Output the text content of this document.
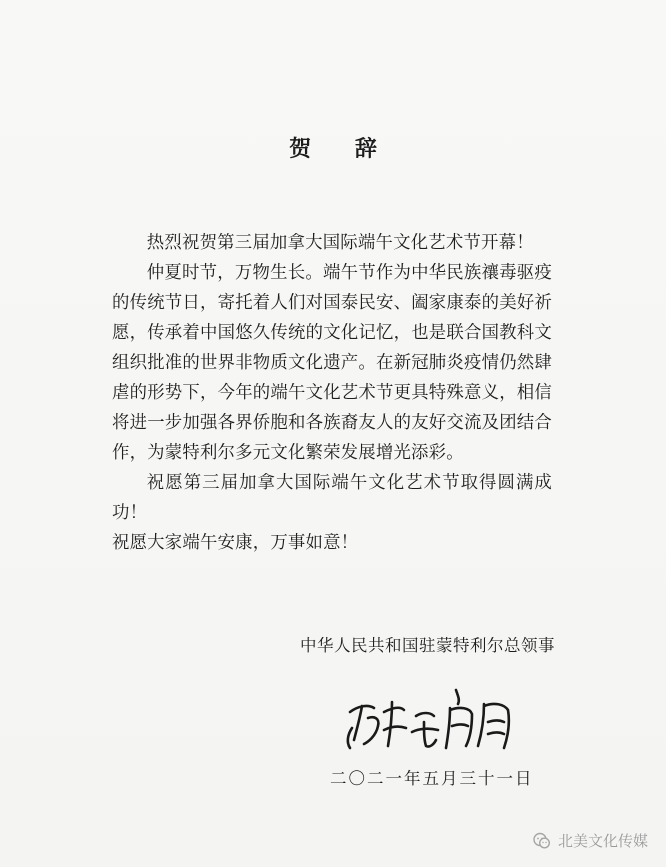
贺 辞

热烈祝贺第三届加拿大国际端午文化艺术节开幕！

仲夏时节，万物生长。端午节作为中华民族禳毒驱疫的传统节日，寄托着人们对国泰民安、阖家康泰的美好祈愿，传承着中国悠久传统的文化记忆，也是联合国教科文组织批准的世界非物质文化遗产。在新冠肺炎疫情仍然肆虐的形势下，今年的端午文化艺术节更具特殊意义，相信将进一步加强各界侨胞和各族裔友人的友好交流及团结合作，为蒙特利尔多元文化繁荣发展增光添彩。

祝愿第三届加拿大国际端午文化艺术节取得圆满成功！

祝愿大家端午安康，万事如意！

中华人民共和国驻蒙特利尔总领事
二〇二一年五月三十一日
北美文化传媒
